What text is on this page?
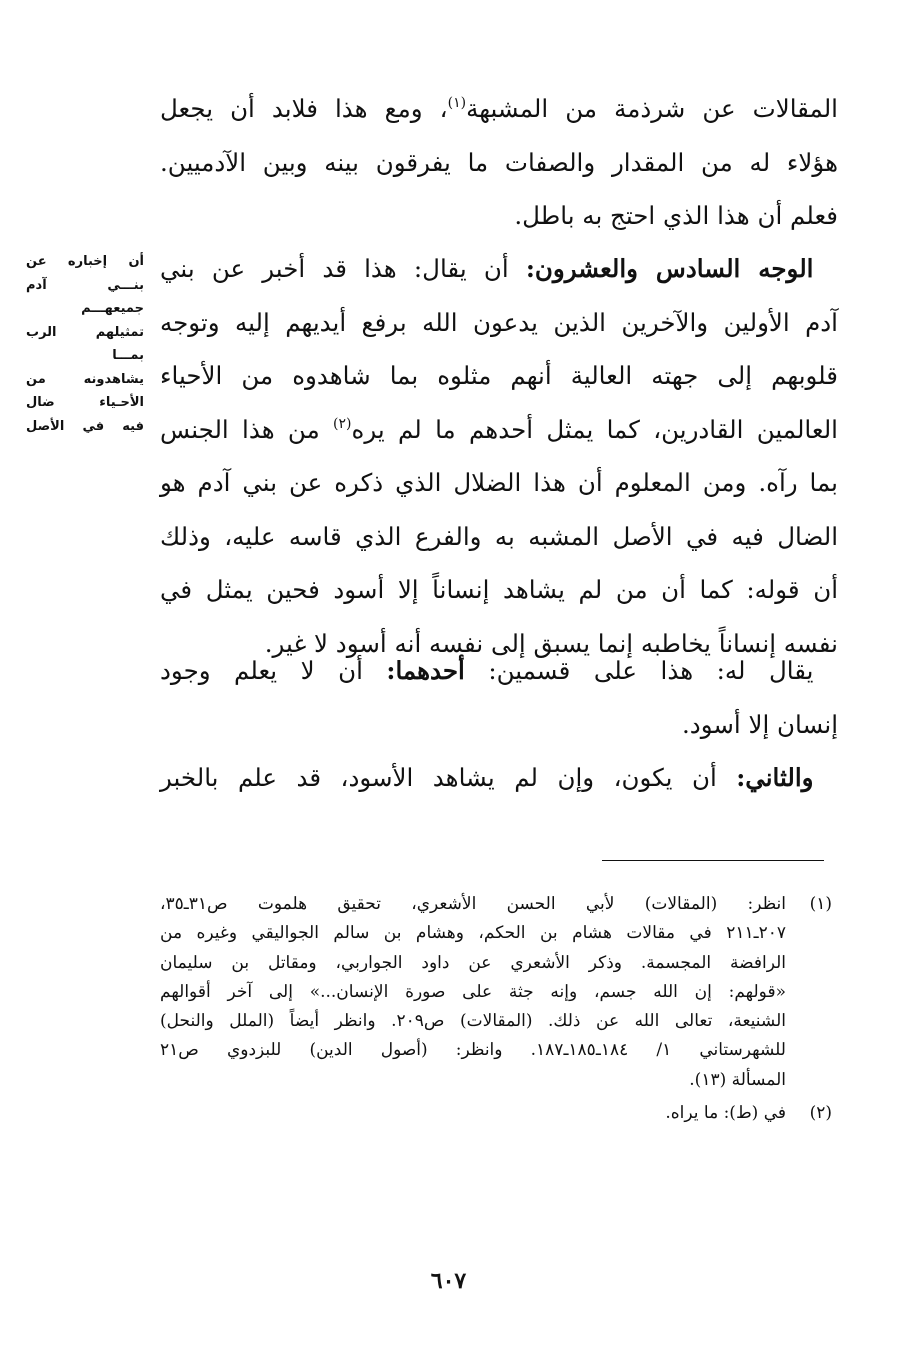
المقالات عن شرذمة من المشبهة$^{(١)}$، ومع هذا فلابد أن يجعل
هؤلاء له من المقدار والصفات ما يفرقون بينه وبين الآدميين.
فعلم أن هذا الذي احتج به باطل.
 الوجه السادس والعشرون: أن يقال: هذا قد أخبر عن بني
آدم الأولين والآخرين الذين يدعون الله برفع أيديهم إليه وتوجه
قلوبهم إلى جهته العالية أنهم مثلوه بما شاهدوه من الأحياء
العالمين القادرين، كما يمثل أحدهم ما لم يره$^{(٢)}$ من هذا الجنس
بما رآه. ومن المعلوم أن هذا الضلال الذي ذكره عن بني آدم هو
الضال فيه في الأصل المشبه به والفرع الذي قاسه عليه، وذلك
أن قوله: كما أن من لم يشاهد إنساناً إلا أسود فحين يمثل في
نفسه إنساناً يخاطبه إنما يسبق إلى نفسه أنه أسود لا غير.
 يقال له: هذا على قسمين: أحدهما: أن لا يعلم وجود
إنسان إلا أسود.
 والثاني: أن يكون، وإن لم يشاهد الأسود، قد علم بالخبر
أن إخباره عن
بنـــي آدم
جميعهـــم
تمثيلهم الرب
بمـــا
يشاهدونه من
الأحـياء ضال
فيه في الأصل
(١)
انظر: (المقالات) لأبي الحسن الأشعري، تحقيق هلموت ص٣١ـ٣٥،
٢٠٧ـ٢١١ في مقالات هشام بن الحكم، وهشام بن سالم الجواليقي وغيره من
الرافضة المجسمة. وذكر الأشعري عن داود الجواربي، ومقاتل بن سليمان
«قولهم: إن الله جسم، وإنه جثة على صورة الإنسان...» إلى آخر أقوالهم
الشنيعة، تعالى الله عن ذلك. (المقالات) ص٢٠٩. وانظر أيضاً (الملل والنحل)
للشهرستاني ١/ ١٨٤ـ١٨٥ـ١٨٧. وانظر: (أصول الدين) للبزدوي ص٢١
المسألة (١٣).
(٢)
في (ط): ما يراه.
٦٠٧
